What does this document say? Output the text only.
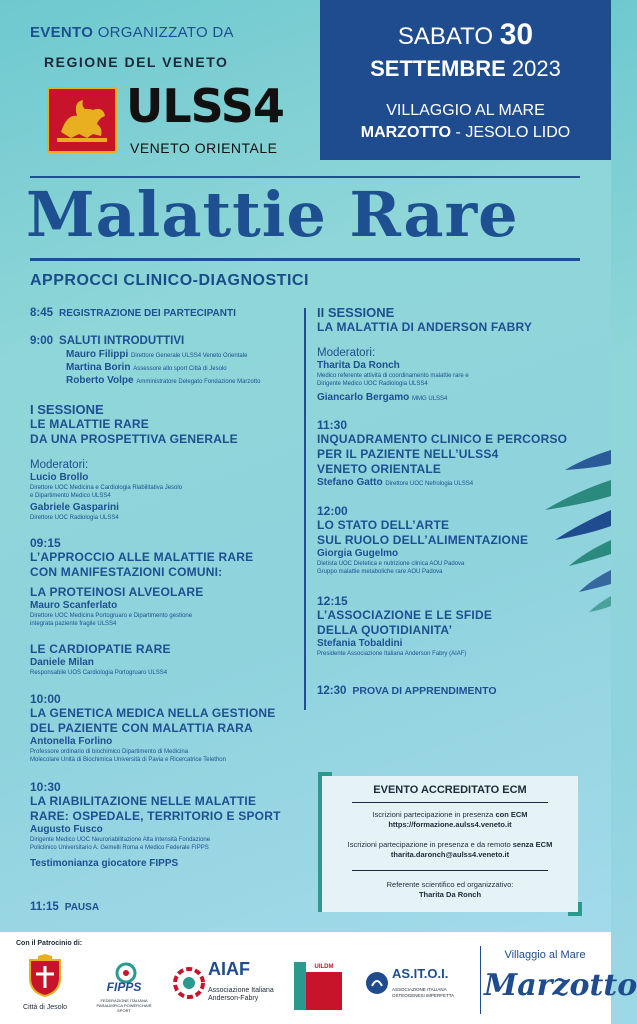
EVENTO ORGANIZZATO DA
REGIONE DEL VENETO
ULSS4
VENETO ORIENTALE
SABATO 30
SETTEMBRE 2023
VILLAGGIO AL MARE
MARZOTTO - JESOLO LIDO
Malattie Rare
APPROCCI CLINICO-DIAGNOSTICI
8:45 REGISTRAZIONE DEI PARTECIPANTI
9:00 SALUTI INTRODUTTIVI
Mauro Filippi Direttore Generale ULSS4 Veneto Orientale
Martina Borin Assessore allo sport Città di Jesolo
Roberto Volpe Amministratore Delegato Fondazione Marzotto
I SESSIONE
LE MALATTIE RARE
DA UNA PROSPETTIVA GENERALE
Moderatori:
Lucio Brollo
Direttore UOC Medicina e Cardiologia Riabilitativa Jesolo
e Dipartimento Medico ULSS4
Gabriele Gasparini
Direttore UOC Radiologia ULSS4
09:15
L’APPROCCIO ALLE MALATTIE RARE
CON MANIFESTAZIONI COMUNI:
LA PROTEINOSI ALVEOLARE
Mauro Scanferlato
Direttore UOC Medicina Portogruaro e Dipartimento gestione
integrata paziente fragile ULSS4
LE CARDIOPATIE RARE
Daniele Milan
Responsabile UOS Cardiologia Portogruaro ULSS4
10:00
LA GENETICA MEDICA NELLA GESTIONE
DEL PAZIENTE CON MALATTIA RARA
Antonella Forlino
Professore ordinario di biochimico Dipartimento di Medicina
Molecolare Unità di Biochimica Università di Pavia e Ricercatrice Telethon
10:30
LA RIABILITAZIONE NELLE MALATTIE
RARE: OSPEDALE, TERRITORIO E SPORT
Augusto Fusco
Dirigente Medico UOC Neuroriabilitazione Alta intensità Fondazione
Policlinico Universitario A. Gemelli Roma e Medico Federale FIPPS
Testimonianza giocatore FIPPS
11:15 PAUSA
II SESSIONE
LA MALATTIA DI ANDERSON FABRY
Moderatori:
Tharita Da Ronch
Medico referente attività di coordinamento malattie rare e
Dirigente Medico UOC Radiologia ULSS4
Giancarlo Bergamo MMG ULSS4
11:30
INQUADRAMENTO CLINICO E PERCORSO
PER IL PAZIENTE NELL’ULSS4
VENETO ORIENTALE
Stefano Gatto Direttore UOC Nefrologia ULSS4
12:00
LO STATO DELL’ARTE
SUL RUOLO DELL’ALIMENTAZIONE
Giorgia Gugelmo
Dietista UOC Dietetica e nutrizione clinica AOU Padova
Gruppo malattie metaboliche rare AOU Padova
12:15
L’ASSOCIAZIONE E LE SFIDE
DELLA QUOTIDIANITA’
Stefania Tobaldini
Presidente Associazione Italiana Anderson Fabry (AIAF)
12:30 PROVA DI APPRENDIMENTO
EVENTO ACCREDITATO ECM
Iscrizioni partecipazione in presenza con ECM
https://formazione.aulss4.veneto.it
Iscrizioni partecipazione in presenza e da remoto senza ECM
tharita.daronch@aulss4.veneto.it
Referente scientifico ed organizzativo:
Tharita Da Ronch
Con il Patrocinio di:
Città di Jesolo
FIPPS
FEDERAZIONE ITALIANA PARALIMPICA POWERCHAIR SPORT
AIAF
Associazione Italiana
Anderson-Fabry
UILDM	AS.IT.O.I.
ASSOCIAZIONE ITALIANA
OSTEOGENESI IMPERFETTA
Villaggio al Mare
Marzotto
